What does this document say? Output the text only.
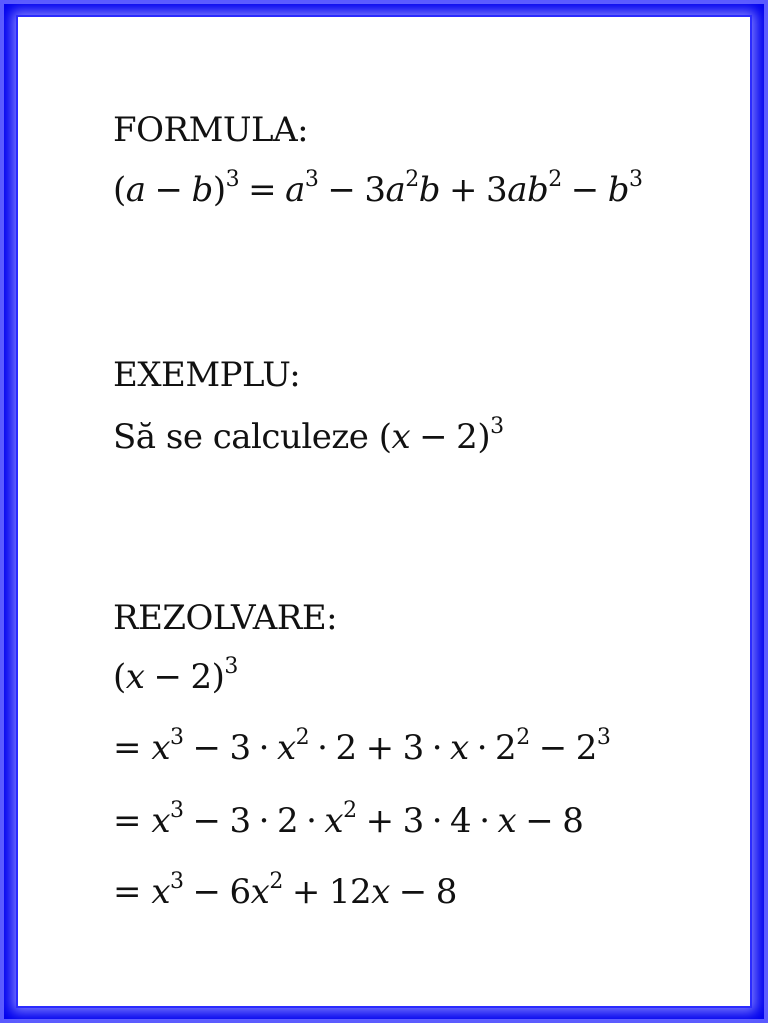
FORMULA:
$(a - b)^3 = a^3 - 3a^2b + 3ab^2 - b^3$
EXEMPLU:
Să se calculeze $(x - 2)^3$
REZOLVARE:
$(x - 2)^3$
= $x^3 - 3 \cdot x^2 \cdot 2 + 3 \cdot x \cdot 2^2 - 2^3$
= $x^3 - 3 \cdot 2 \cdot x^2 + 3 \cdot 4 \cdot x - 8$
= $x^3 - 6x^2 + 12x - 8$
